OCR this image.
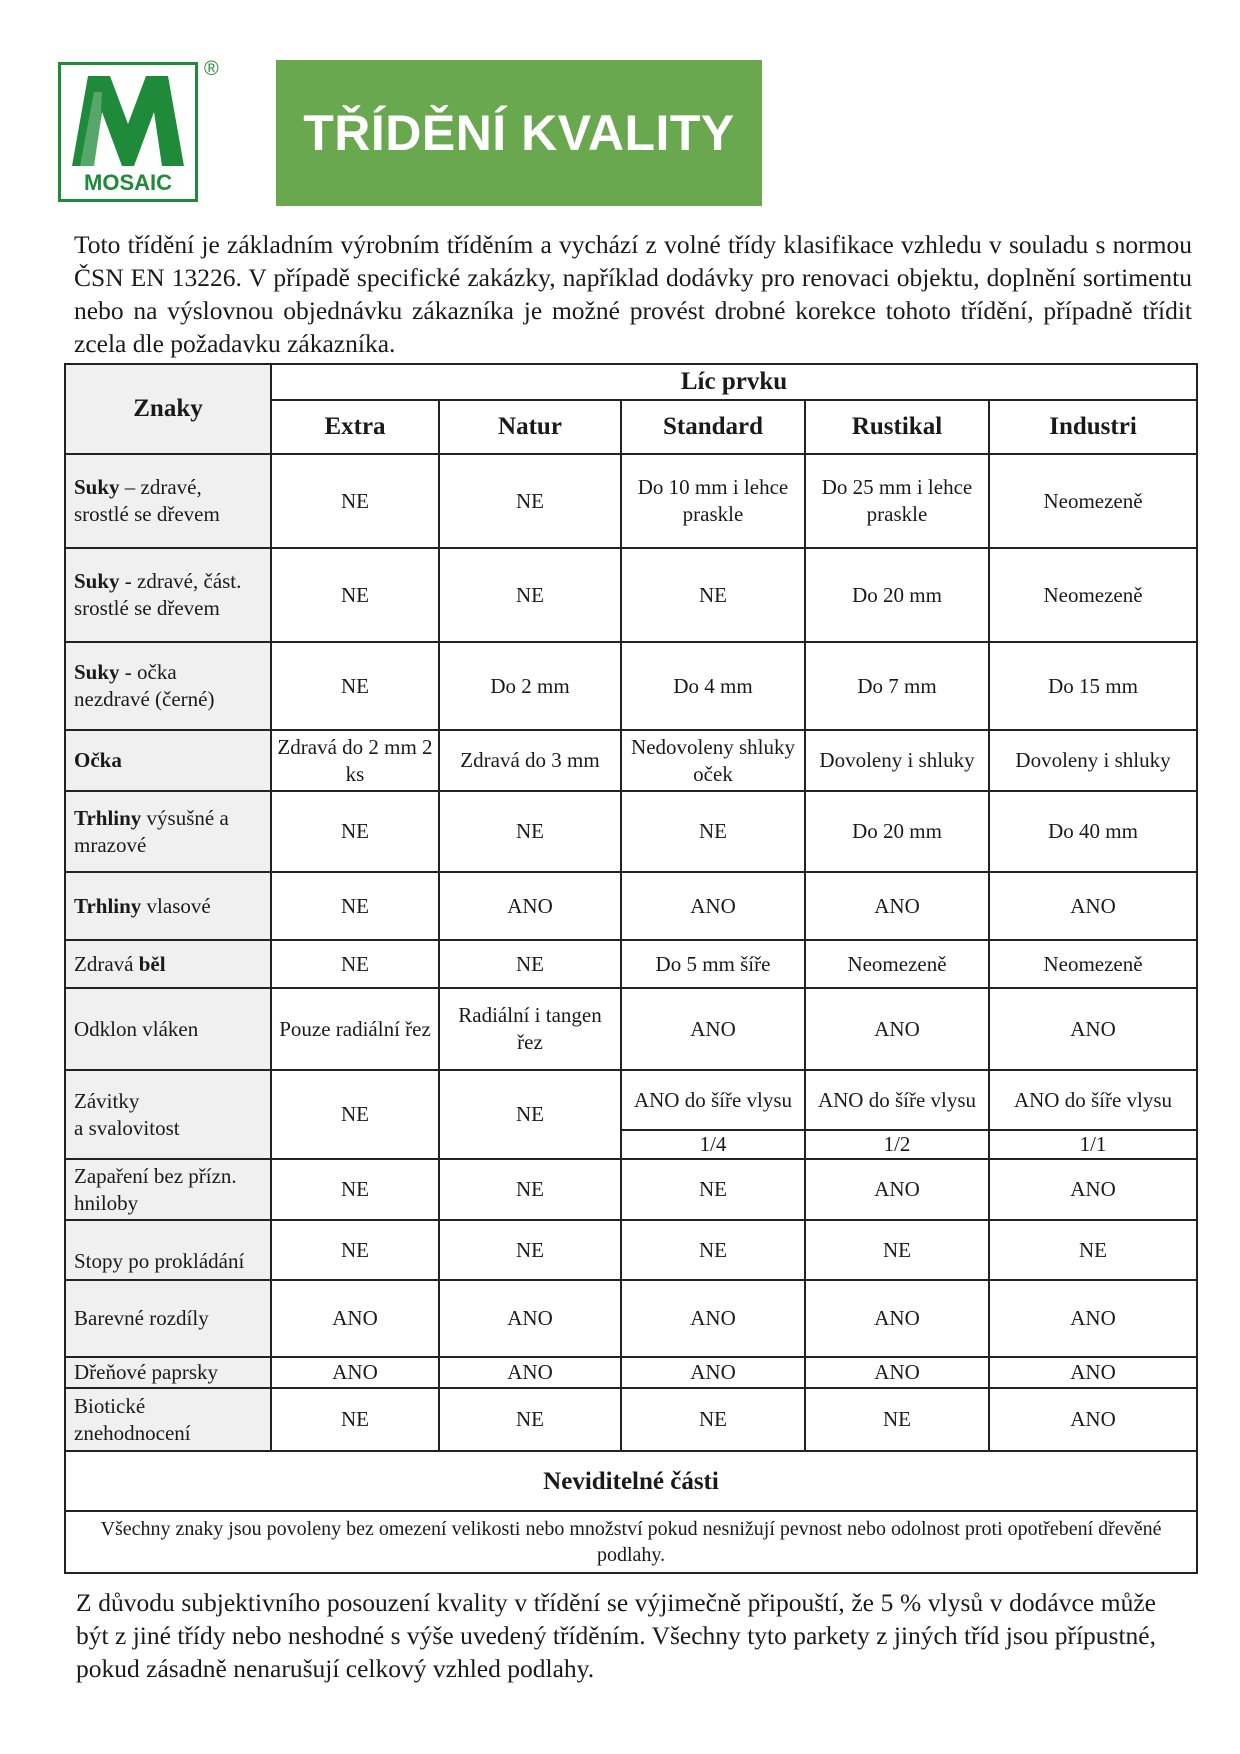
MOSAIC
®
TŘÍDĚNÍ KVALITY

Toto třídění je základním výrobním tříděním a vychází z volné třídy klasifikace vzhledu v souladu s normou ČSN EN 13226. V případě specifické zakázky, například dodávky pro renovaci objektu, doplnění sortimentu nebo na výslovnou objednávku zákazníka je možné provést drobné korekce tohoto třídění, případně třídit zcela dle požadavku zákazníka.

Znaky	Líc prvku				
	Extra	Natur	Standard	Rustikal	Industri
Suky – zdravé,
srostlé se dřevem	NE	NE	Do 10 mm i lehce praskle	Do 25 mm i lehce praskle	Neomezeně
Suky - zdravé, část.
srostlé se dřevem	NE	NE	NE	Do 20 mm	Neomezeně
Suky - očka
nezdravé (černé)	NE	Do 2 mm	Do 4 mm	Do 7 mm	Do 15 mm
Očka	Zdravá do 2 mm 2 ks	Zdravá do 3 mm	Nedovoleny shluky oček	Dovoleny i shluky	Dovoleny i shluky
Trhliny výsušné a
mrazové	NE	NE	NE	Do 20 mm	Do 40 mm
Trhliny vlasové	NE	ANO	ANO	ANO	ANO
Zdravá běl	NE	NE	Do 5 mm šíře	Neomezeně	Neomezeně
Odklon vláken	Pouze radiální řez	Radiální i tangen řez	ANO	ANO	ANO
Závitky
a svalovitost	NE	NE	ANO do šíře vlysu	ANO do šíře vlysu	ANO do šíře vlysu
			1/4	1/2	1/1
Zapaření bez přízn. hniloby	NE	NE	NE	ANO	ANO
Stopy po prokládání	NE	NE	NE	NE	NE
Barevné rozdíly	ANO	ANO	ANO	ANO	ANO
Dřeňové paprsky	ANO	ANO	ANO	ANO	ANO
Biotické znehodnocení	NE	NE	NE	NE	ANO
Neviditelné části					
Všechny znaky jsou povoleny bez omezení velikosti nebo množství pokud nesnižují pevnost nebo odolnost proti opotřebení dřevěné podlahy.					

Z důvodu subjektivního posouzení kvality v třídění se výjimečně připouští, že 5 % vlysů v dodávce může být z jiné třídy nebo neshodné s výše uvedený tříděním. Všechny tyto parkety z jiných tříd jsou přípustné, pokud zásadně nenarušují celkový vzhled podlahy.
